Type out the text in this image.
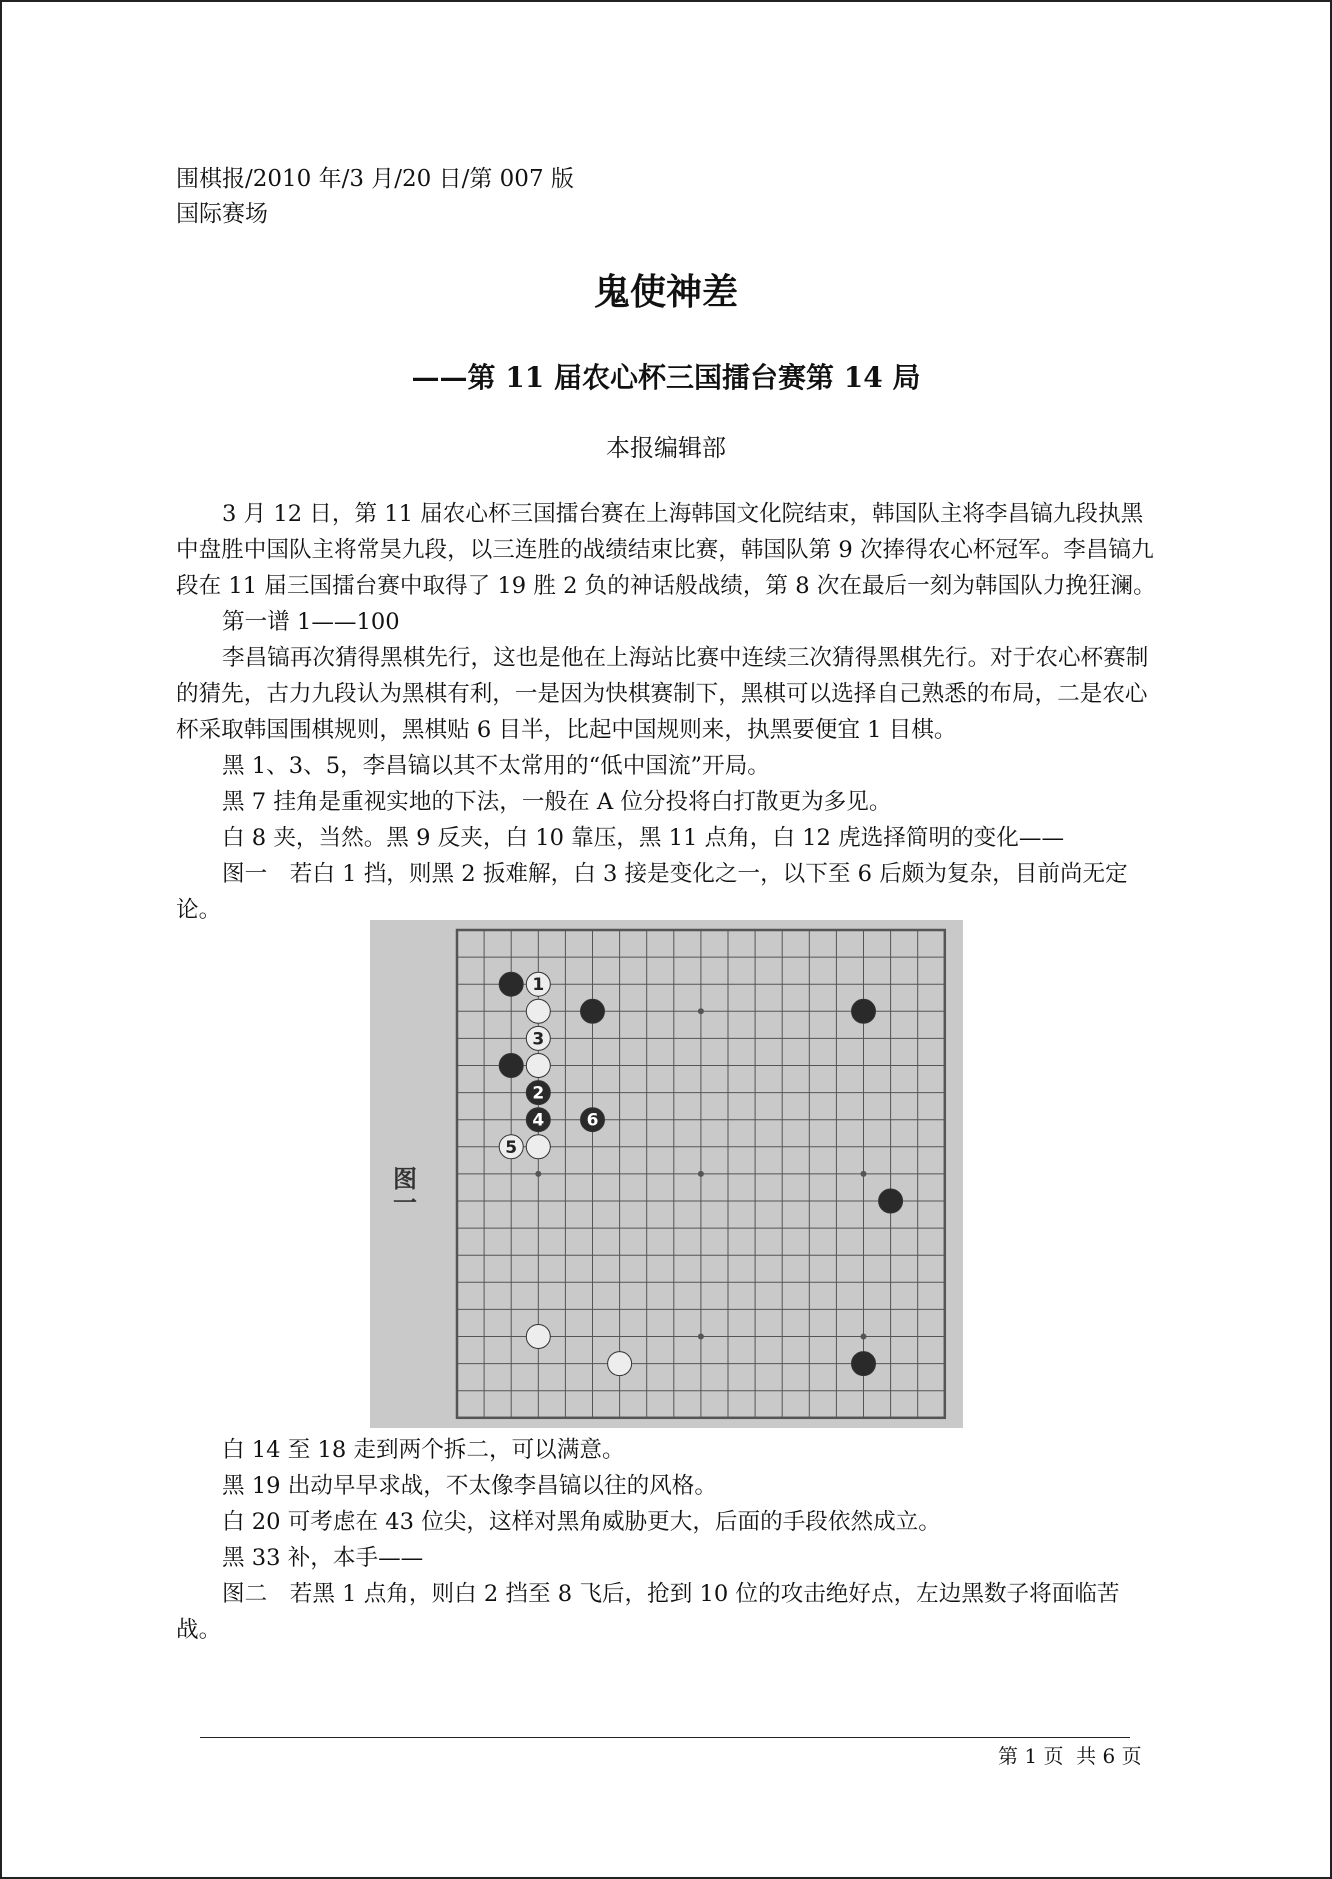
围棋报/2010 年/3 月/20 日/第 007 版
国际赛场
鬼使神差
——第 11 届农心杯三国擂台赛第 14 局
本报编辑部

3 月 12 日，第 11 届农心杯三国擂台赛在上海韩国文化院结束，韩国队主将李昌镐九段执黑中盘胜中国队主将常昊九段，以三连胜的战绩结束比赛，韩国队第 9 次捧得农心杯冠军。李昌镐九段在 11 届三国擂台赛中取得了 19 胜 2 负的神话般战绩，第 8 次在最后一刻为韩国队力挽狂澜。

第一谱 1——100

李昌镐再次猜得黑棋先行，这也是他在上海站比赛中连续三次猜得黑棋先行。对于农心杯赛制的猜先，古力九段认为黑棋有利，一是因为快棋赛制下，黑棋可以选择自己熟悉的布局，二是农心杯采取韩国围棋规则，黑棋贴 6 目半，比起中国规则来，执黑要便宜 1 目棋。

黑 1、3、5，李昌镐以其不太常用的“低中国流”开局。

黑 7 挂角是重视实地的下法，一般在 A 位分投将白打散更为多见。

白 8 夹，当然。黑 9 反夹，白 10 靠压，黑 11 点角，白 12 虎选择简明的变化——

图一　若白 1 挡，则黑 2 扳难解，白 3 接是变化之一，以下至 6 后颇为复杂，目前尚无定论。

1
3
2
4 6
5
图一

白 14 至 18 走到两个拆二，可以满意。

黑 19 出动早早求战，不太像李昌镐以往的风格。

白 20 可考虑在 43 位尖，这样对黑角威胁更大，后面的手段依然成立。

黑 33 补，本手——

图二　若黑 1 点角，则白 2 挡至 8 飞后，抢到 10 位的攻击绝好点，左边黑数子将面临苦战。

第 1 页  共 6 页
